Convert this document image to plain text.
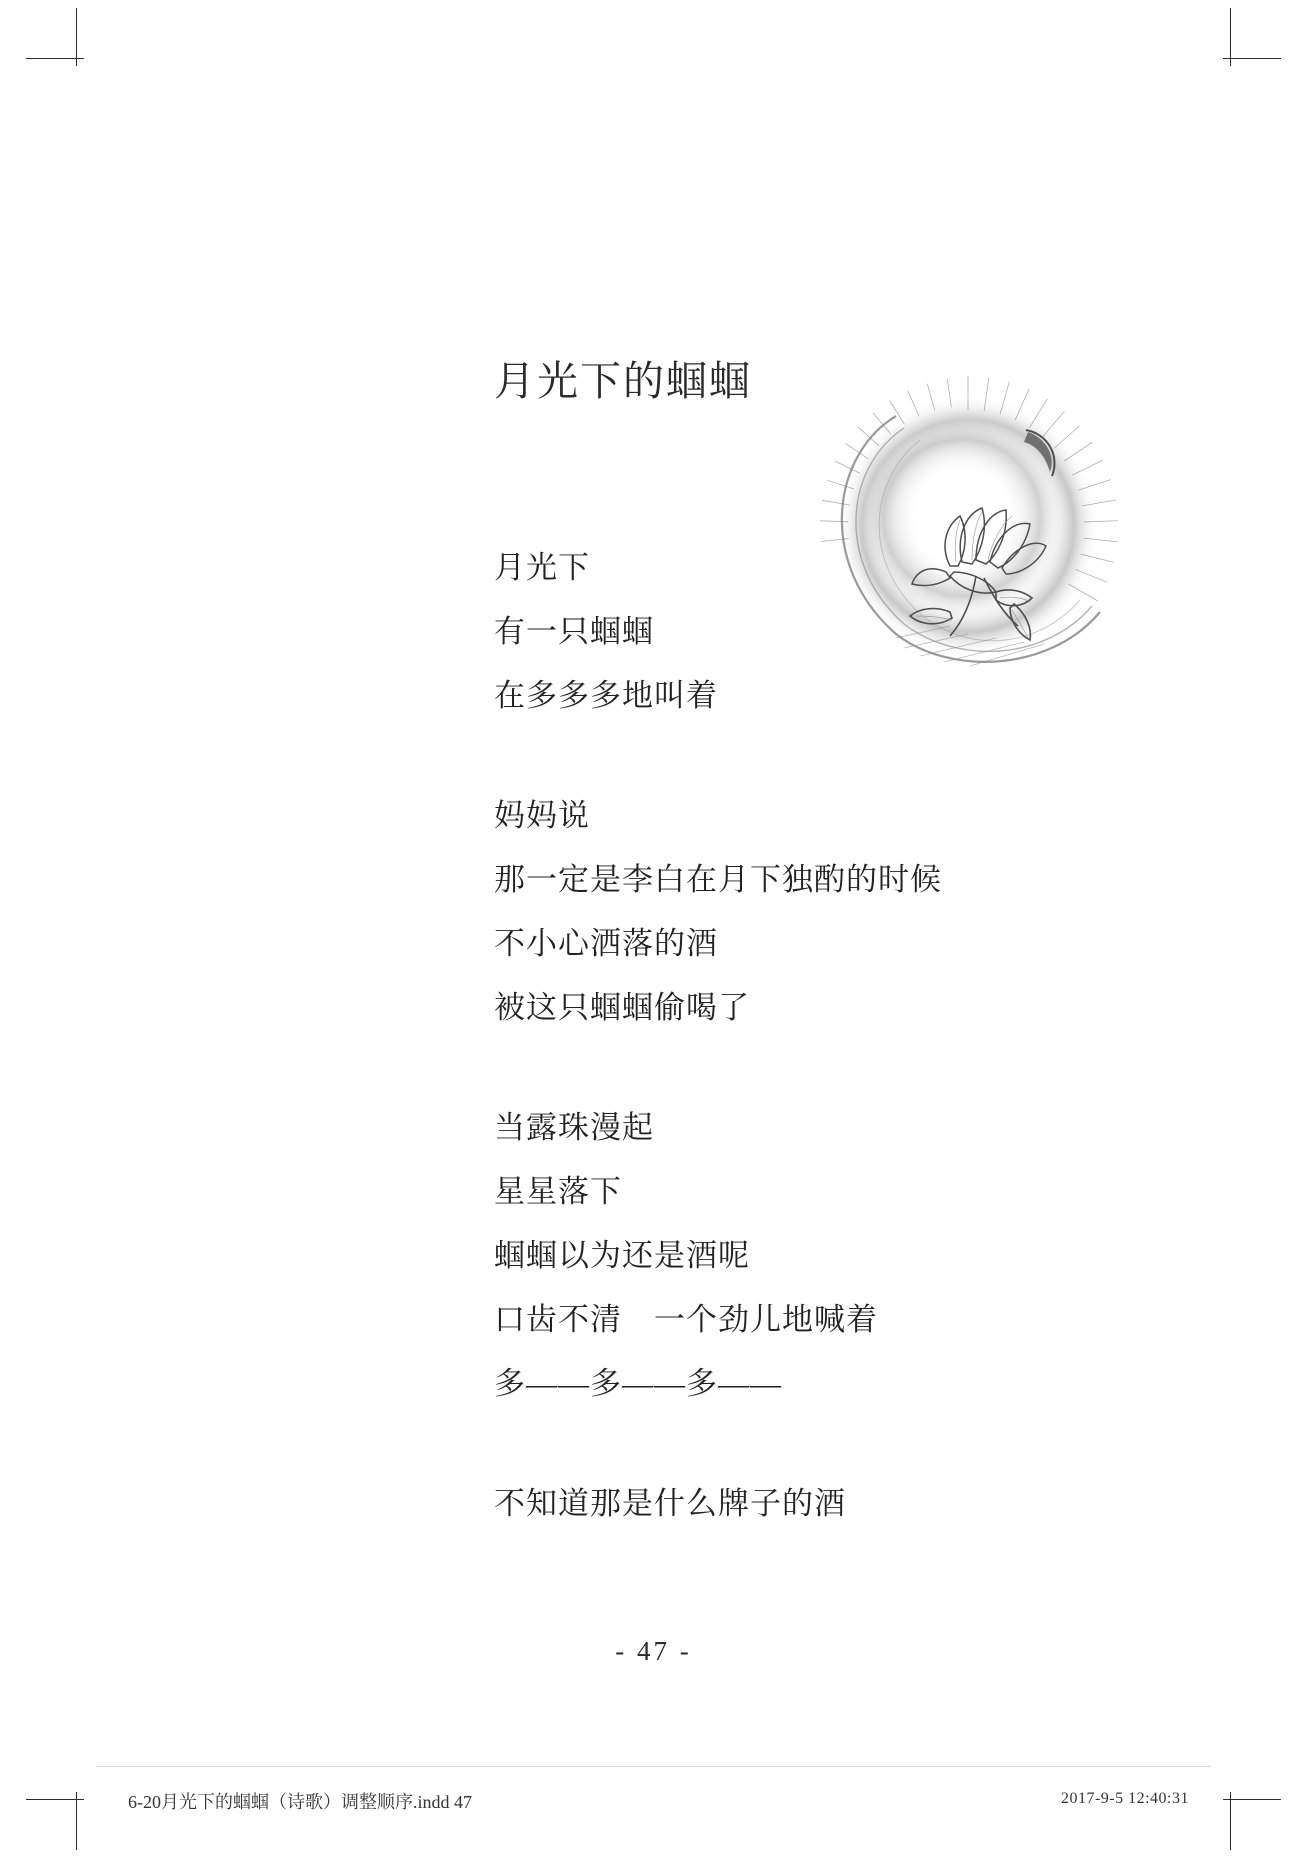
月光下的蝈蝈
月光下
有一只蝈蝈
在多多多地叫着
妈妈说
那一定是李白在月下独酌的时候
不小心洒落的酒
被这只蝈蝈偷喝了
当露珠漫起
星星落下
蝈蝈以为还是酒呢
口齿不清　一个劲儿地喊着
多——多——多——
不知道那是什么牌子的酒
- 47 -
6-20月光下的蝈蝈（诗歌）调整顺序.indd 47	2017-9-5 12:40:31
